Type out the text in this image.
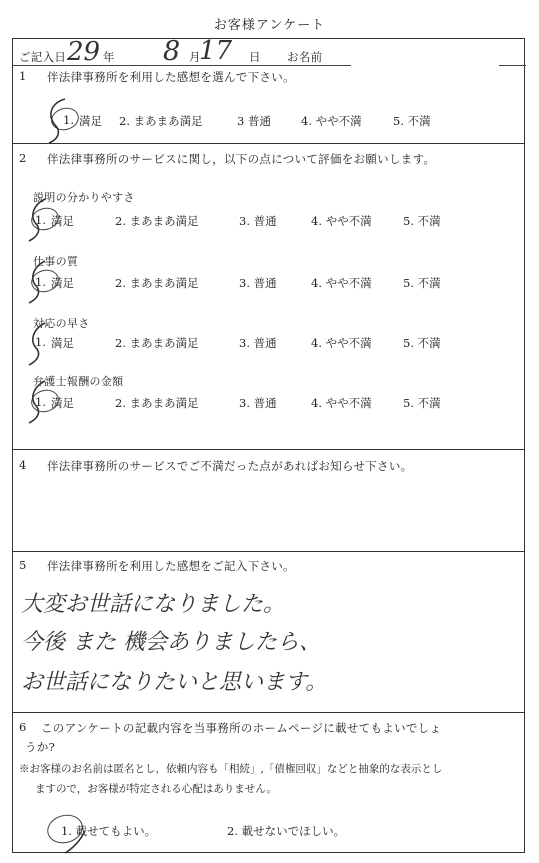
お客様アンケート
ご記入日 29 年 8 月
17 日 お名前
1 伴法律事務所を利用した感想を選んで下さい。
1. 満足 2. まあまあ満足	3 普通	4. やや不満	5. 不満
2 伴法律事務所のサービスに関し，以下の点について評価をお願いします。
説明の分かりやすさ
1. 満足	2. まあまあ満足	3. 普通	4. やや不満	5. 不満
仕事の質
1. 満足	2. まあまあ満足	3. 普通	4. やや不満	5. 不満
対応の早さ
1. 満足	2. まあまあ満足	3. 普通	4. やや不満	5. 不満
弁護士報酬の金額
1. 満足	2. まあまあ満足	3. 普通	4. やや不満	5. 不満
4 伴法律事務所のサービスでご不満だった点があればお知らせ下さい。
5 伴法律事務所を利用した感想をご記入下さい。
大変お世話になりました。
今後 また 機会ありましたら、
お世話になりたいと思います。
6 このアンケートの記載内容を当事務所のホームページに載せてもよいでしょ
うか?
※お客様のお名前は匿名とし，依頼内容も「相続」,「債権回収」などと抽象的な表示とし
ますので，お客様が特定される心配はありません。
1. 載せてもよい。	2. 載せないでほしい。
